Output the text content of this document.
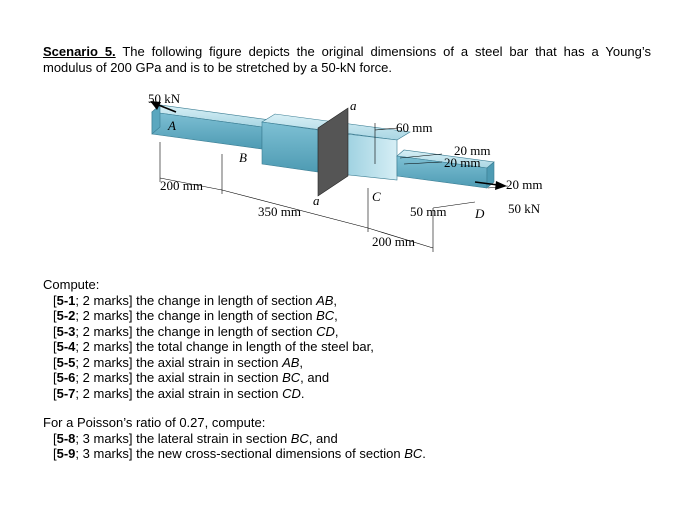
Scenario 5. The following figure depicts the original dimensions of a steel bar that has a Young’s modulus of 200 GPa and is to be stretched by a 50-kN force.
50 kN
A
B
a
a
60 mm
20 mm
20 mm
20 mm
200 mm
C
350 mm	50 mm D 50 kN
200 mm
Compute:
[5-1; 2 marks] the change in length of section AB,
[5-2; 2 marks] the change in length of section BC,
[5-3; 2 marks] the change in length of section CD,
[5-4; 2 marks] the total change in length of the steel bar,
[5-5; 2 marks] the axial strain in section AB,
[5-6; 2 marks] the axial strain in section BC, and
[5-7; 2 marks] the axial strain in section CD.
For a Poisson’s ratio of 0.27, compute:
[5-8; 3 marks] the lateral strain in section BC, and
[5-9; 3 marks] the new cross-sectional dimensions of section BC.
